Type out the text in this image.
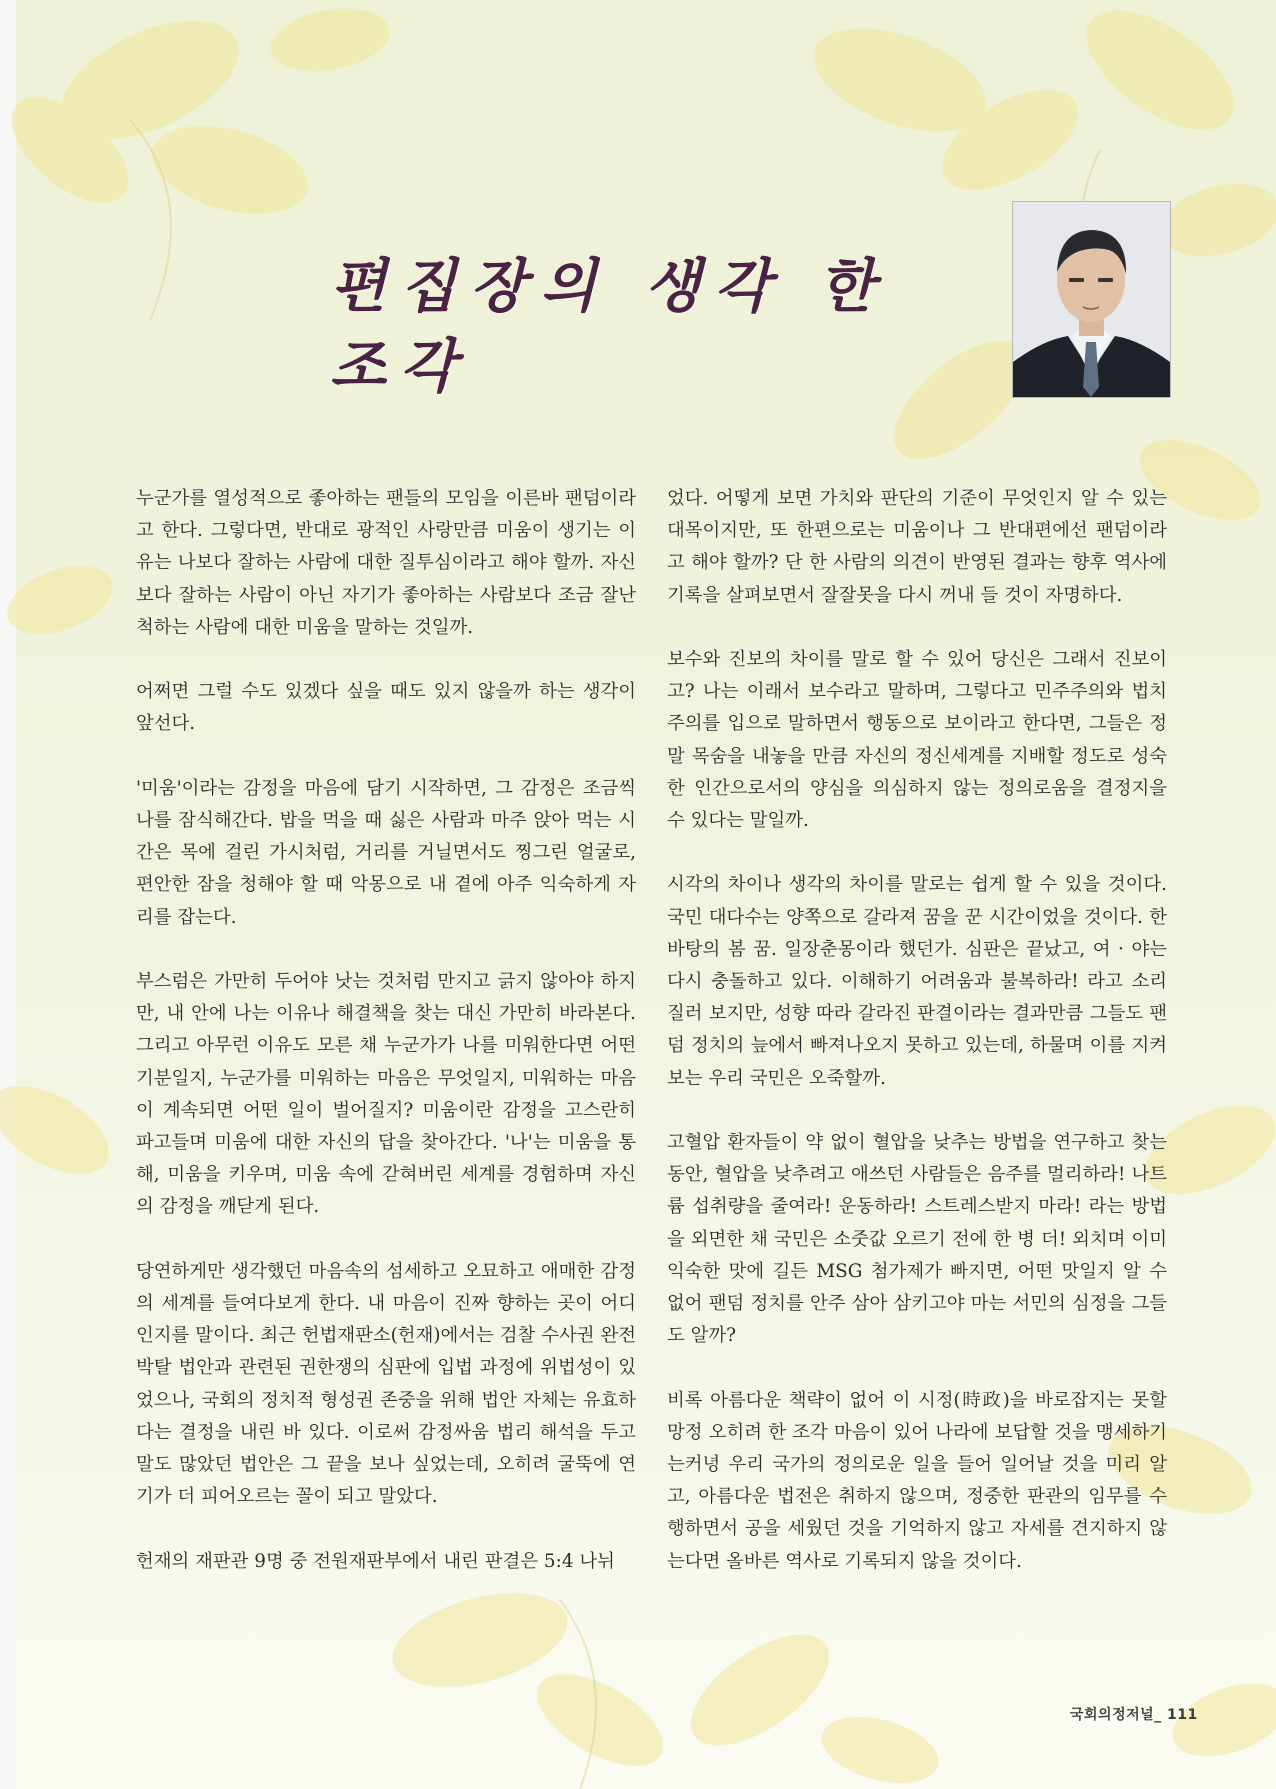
편집장의 생각 한 조각

누군가를 열성적으로 좋아하는 팬들의 모임을 이른바 팬덤이라고 한다. 그렇다면, 반대로 광적인 사랑만큼 미움이 생기는 이유는 나보다 잘하는 사람에 대한 질투심이라고 해야 할까. 자신보다 잘하는 사람이 아닌 자기가 좋아하는 사람보다 조금 잘난 척하는 사람에 대한 미움을 말하는 것일까.

어쩌면 그럴 수도 있겠다 싶을 때도 있지 않을까 하는 생각이 앞선다.

'미움'이라는 감정을 마음에 담기 시작하면, 그 감정은 조금씩 나를 잠식해간다. 밥을 먹을 때 싫은 사람과 마주 앉아 먹는 시간은 목에 걸린 가시처럼, 거리를 거닐면서도 찡그린 얼굴로, 편안한 잠을 청해야 할 때 악몽으로 내 곁에 아주 익숙하게 자리를 잡는다.

부스럼은 가만히 두어야 낫는 것처럼 만지고 긁지 않아야 하지만, 내 안에 나는 이유나 해결책을 찾는 대신 가만히 바라본다. 그리고 아무런 이유도 모른 채 누군가가 나를 미워한다면 어떤 기분일지, 누군가를 미워하는 마음은 무엇일지, 미워하는 마음이 계속되면 어떤 일이 벌어질지? 미움이란 감정을 고스란히 파고들며 미움에 대한 자신의 답을 찾아간다. '나'는 미움을 통해, 미움을 키우며, 미움 속에 갇혀버린 세계를 경험하며 자신의 감정을 깨닫게 된다.

당연하게만 생각했던 마음속의 섬세하고 오묘하고 애매한 감정의 세계를 들여다보게 한다. 내 마음이 진짜 향하는 곳이 어디인지를 말이다. 최근 헌법재판소(헌재)에서는 검찰 수사권 완전 박탈 법안과 관련된 권한쟁의 심판에 입법 과정에 위법성이 있었으나, 국회의 정치적 형성권 존중을 위해 법안 자체는 유효하다는 결정을 내린 바 있다. 이로써 감정싸움 법리 해석을 두고 말도 많았던 법안은 그 끝을 보나 싶었는데, 오히려 굴뚝에 연기가 더 피어오르는 꼴이 되고 말았다.

헌재의 재판관 9명 중 전원재판부에서 내린 판결은 5:4 나뉘

었다. 어떻게 보면 가치와 판단의 기준이 무엇인지 알 수 있는 대목이지만, 또 한편으로는 미움이나 그 반대편에선 팬덤이라고 해야 할까? 단 한 사람의 의견이 반영된 결과는 향후 역사에 기록을 살펴보면서 잘잘못을 다시 꺼내 들 것이 자명하다.

보수와 진보의 차이를 말로 할 수 있어 당신은 그래서 진보이고? 나는 이래서 보수라고 말하며, 그렇다고 민주주의와 법치주의를 입으로 말하면서 행동으로 보이라고 한다면, 그들은 정말 목숨을 내놓을 만큼 자신의 정신세계를 지배할 정도로 성숙한 인간으로서의 양심을 의심하지 않는 정의로움을 결정지을 수 있다는 말일까.

시각의 차이나 생각의 차이를 말로는 쉽게 할 수 있을 것이다. 국민 대다수는 양쪽으로 갈라져 꿈을 꾼 시간이었을 것이다. 한바탕의 봄 꿈. 일장춘몽이라 했던가. 심판은 끝났고, 여 · 야는 다시 충돌하고 있다. 이해하기 어려움과 불복하라! 라고 소리 질러 보지만, 성향 따라 갈라진 판결이라는 결과만큼 그들도 팬덤 정치의 늪에서 빠져나오지 못하고 있는데, 하물며 이를 지켜보는 우리 국민은 오죽할까.

고혈압 환자들이 약 없이 혈압을 낮추는 방법을 연구하고 찾는 동안, 혈압을 낮추려고 애쓰던 사람들은 음주를 멀리하라! 나트륨 섭취량을 줄여라! 운동하라! 스트레스받지 마라! 라는 방법을 외면한 채 국민은 소줏값 오르기 전에 한 병 더! 외치며 이미 익숙한 맛에 길든 MSG 첨가제가 빠지면, 어떤 맛일지 알 수 없어 팬덤 정치를 안주 삼아 삼키고야 마는 서민의 심정을 그들도 알까?

비록 아름다운 책략이 없어 이 시정(時政)을 바로잡지는 못할망정 오히려 한 조각 마음이 있어 나라에 보답할 것을 맹세하기는커녕 우리 국가의 정의로운 일을 들어 일어날 것을 미리 알고, 아름다운 법전은 취하지 않으며, 정중한 판관의 임무를 수행하면서 공을 세웠던 것을 기억하지 않고 자세를 견지하지 않는다면 올바른 역사로 기록되지 않을 것이다.

국회의정저널_ 111
